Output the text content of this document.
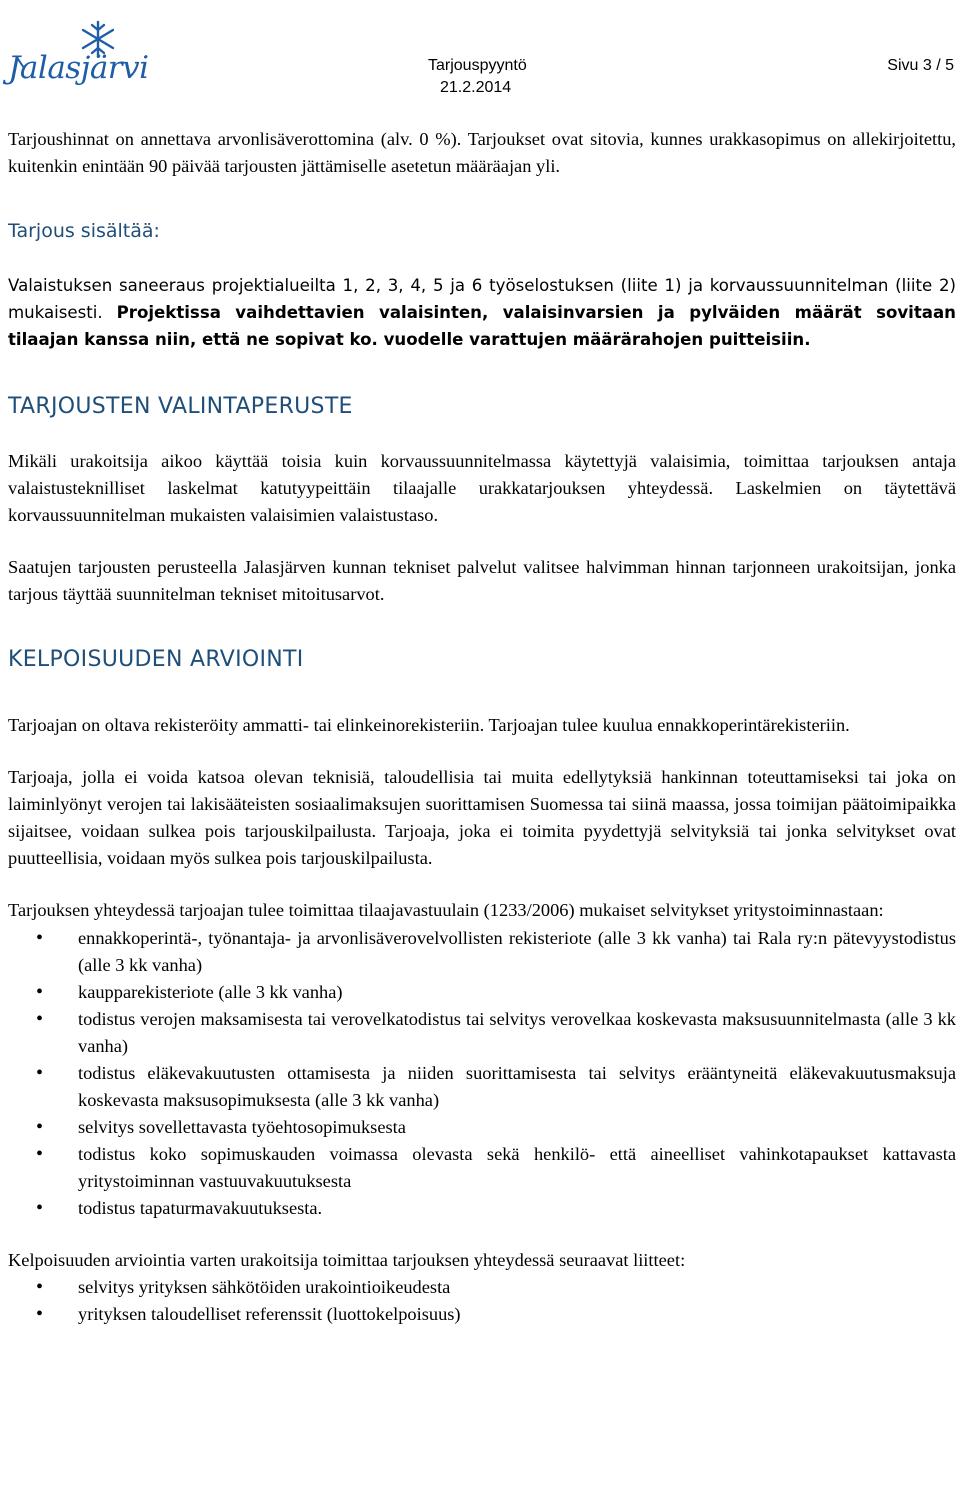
Jalasjärvi	Tarjouspyyntö
21.2.2014
Sivu 3 / 5

Tarjoushinnat on annettava arvonlisäverottomina (alv. 0 %). Tarjoukset ovat sitovia, kunnes urakkasopimus on allekirjoitettu, kuitenkin enintään 90 päivää tarjousten jättämiselle asetetun määräajan yli.

Tarjous sisältää:

Valaistuksen saneeraus projektialueilta 1, 2, 3, 4, 5 ja 6 työselostuksen (liite 1) ja korvaussuunnitelman (liite 2) mukaisesti. Projektissa vaihdettavien valaisinten, valaisinvarsien ja pylväiden määrät sovitaan tilaajan kanssa niin, että ne sopivat ko. vuodelle varattujen määrärahojen puitteisiin.

TARJOUSTEN VALINTAPERUSTE

Mikäli urakoitsija aikoo käyttää toisia kuin korvaussuunnitelmassa käytettyjä valaisimia, toimittaa tarjouksen antaja valaistusteknilliset laskelmat katutyypeittäin tilaajalle urakkatarjouksen yhteydessä. Laskelmien on täytettävä korvaussuunnitelman mukaisten valaisimien valaistustaso.

Saatujen tarjousten perusteella Jalasjärven kunnan tekniset palvelut valitsee halvimman hinnan tarjonneen urakoitsijan, jonka tarjous täyttää suunnitelman tekniset mitoitusarvot.

KELPOISUUDEN ARVIOINTI

Tarjoajan on oltava rekisteröity ammatti- tai elinkeinorekisteriin. Tarjoajan tulee kuulua ennakkoperintärekisteriin.

Tarjoaja, jolla ei voida katsoa olevan teknisiä, taloudellisia tai muita edellytyksiä hankinnan toteuttamiseksi tai joka on laiminlyönyt verojen tai lakisääteisten sosiaalimaksujen suorittamisen Suomessa tai siinä maassa, jossa toimijan päätoimipaikka sijaitsee, voidaan sulkea pois tarjouskilpailusta. Tarjoaja, joka ei toimita pyydettyjä selvityksiä tai jonka selvitykset ovat puutteellisia, voidaan myös sulkea pois tarjouskilpailusta.

Tarjouksen yhteydessä tarjoajan tulee toimittaa tilaajavastuulain (1233/2006) mukaiset selvitykset yritystoiminnastaan:

• ennakkoperintä-, työnantaja- ja arvonlisäverovelvollisten rekisteriote (alle 3 kk vanha) tai Rala ry:n pätevyystodistus (alle 3 kk vanha)
• kaupparekisteriote (alle 3 kk vanha)
• todistus verojen maksamisesta tai verovelkatodistus tai selvitys verovelkaa koskevasta maksusuunnitelmasta (alle 3 kk vanha)
• todistus eläkevakuutusten ottamisesta ja niiden suorittamisesta tai selvitys erääntyneitä eläkevakuutusmaksuja koskevasta maksusopimuksesta (alle 3 kk vanha)
• selvitys sovellettavasta työehtosopimuksesta
• todistus koko sopimuskauden voimassa olevasta sekä henkilö- että aineelliset vahinkotapaukset kattavasta yritystoiminnan vastuuvakuutuksesta
• todistus tapaturmavakuutuksesta.

Kelpoisuuden arviointia varten urakoitsija toimittaa tarjouksen yhteydessä seuraavat liitteet:

• selvitys yrityksen sähkötöiden urakointioikeudesta
• yrityksen taloudelliset referenssit (luottokelpoisuus)
